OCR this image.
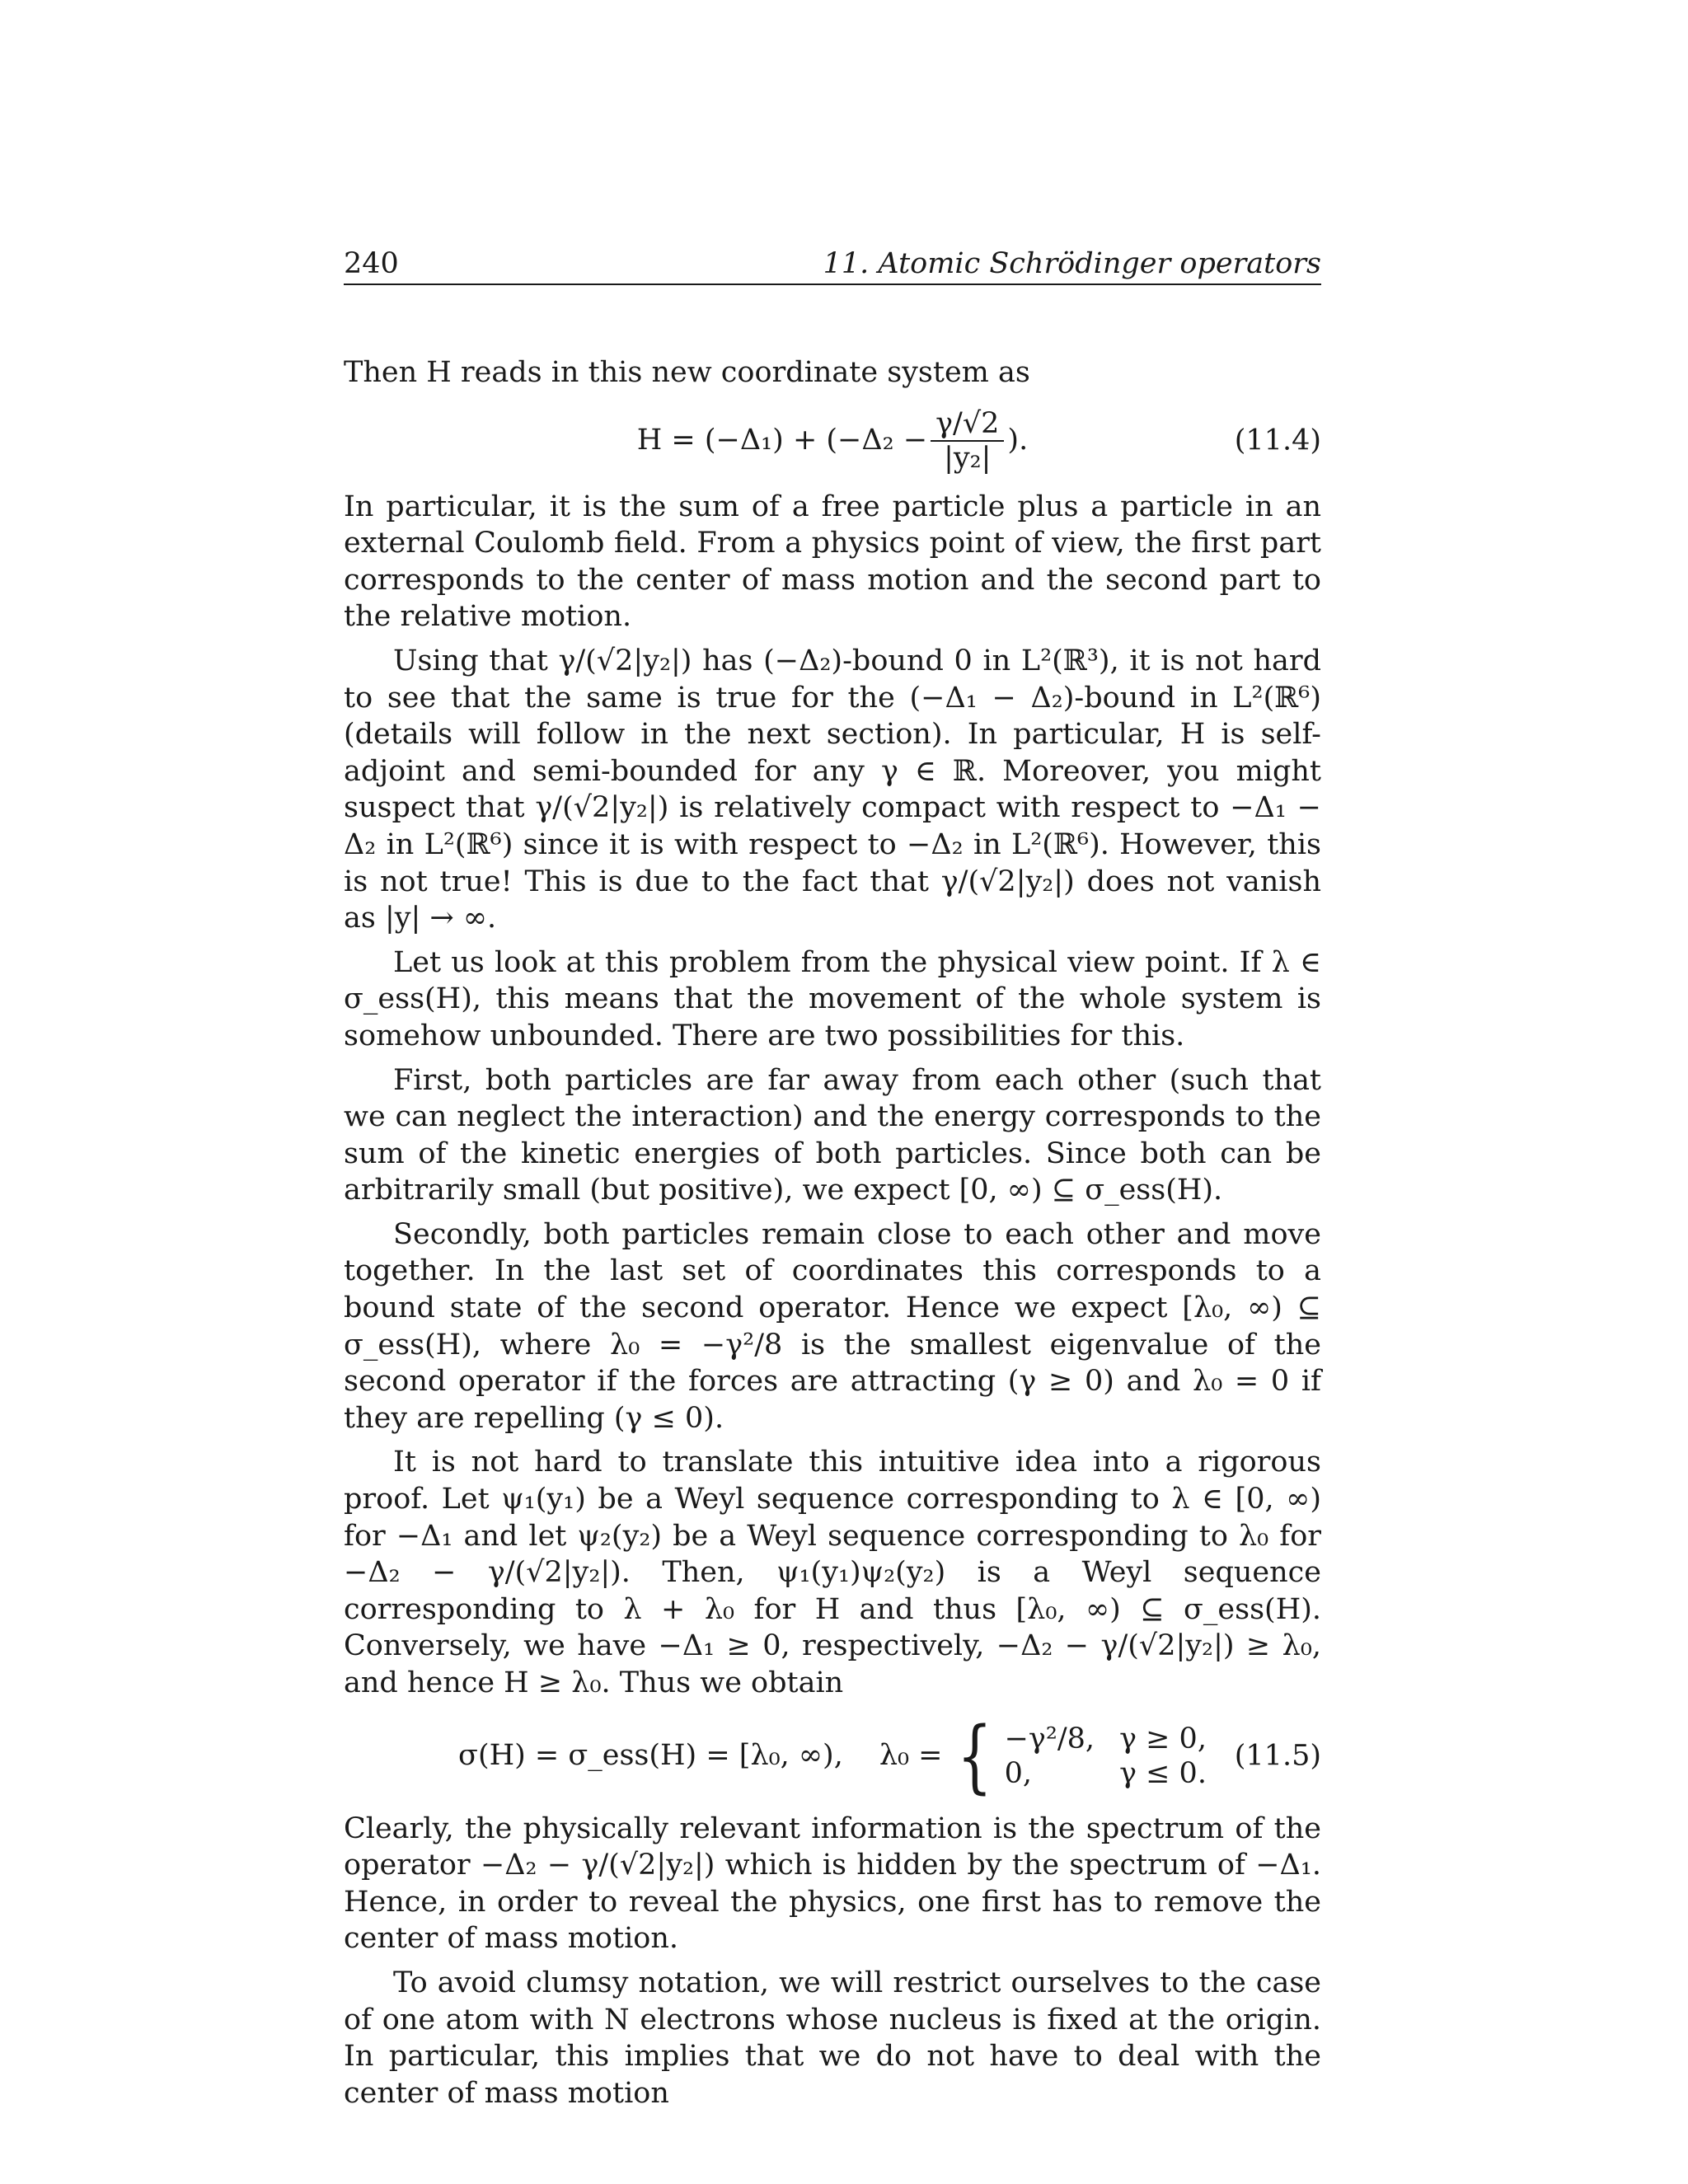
240	11. Atomic Schrödinger operators

Then H reads in this new coordinate system as

$H = (-\Delta_1) + (-\Delta_2 - \frac{\gamma/√2}{\text{|y₂|}}$ ).	(11.4)

In particular, it is the sum of a free particle plus a particle in an external Coulomb field. From a physics point of view, the first part corresponds to the center of mass motion and the second part to the relative motion.

Using that γ/(√2|y₂|) has (−Δ₂)-bound 0 in L²(ℝ³), it is not hard to see that the same is true for the (−Δ₁ − Δ₂)-bound in L²(ℝ⁶) (details will follow in the next section). In particular, H is self-adjoint and semi-bounded for any γ ∈ ℝ. Moreover, you might suspect that γ/(√2|y₂|) is relatively compact with respect to −Δ₁ − Δ₂ in L²(ℝ⁶) since it is with respect to −Δ₂ in L²(ℝ⁶). However, this is not true! This is due to the fact that γ/(√2|y₂|) does not vanish as |y| → ∞.

Let us look at this problem from the physical view point. If λ ∈ σ_ess(H), this means that the movement of the whole system is somehow unbounded. There are two possibilities for this.

First, both particles are far away from each other (such that we can neglect the interaction) and the energy corresponds to the sum of the kinetic energies of both particles. Since both can be arbitrarily small (but positive), we expect [0, ∞) ⊆ σ_ess(H).

Secondly, both particles remain close to each other and move together. In the last set of coordinates this corresponds to a bound state of the second operator. Hence we expect [λ₀, ∞) ⊆ σ_ess(H), where λ₀ = −γ²/8 is the smallest eigenvalue of the second operator if the forces are attracting (γ ≥ 0) and λ₀ = 0 if they are repelling (γ ≤ 0).

It is not hard to translate this intuitive idea into a rigorous proof. Let ψ₁(y₁) be a Weyl sequence corresponding to λ ∈ [0, ∞) for −Δ₁ and let ψ₂(y₂) be a Weyl sequence corresponding to λ₀ for −Δ₂ − γ/(√2|y₂|). Then, ψ₁(y₁)ψ₂(y₂) is a Weyl sequence corresponding to λ + λ₀ for H and thus [λ₀, ∞) ⊆ σ_ess(H). Conversely, we have −Δ₁ ≥ 0, respectively, −Δ₂ − γ/(√2|y₂|) ≥ λ₀, and hence H ≥ λ₀. Thus we obtain

σ(H) = σ_ess(H) = [λ₀, ∞), λ₀ = { −γ²/8, γ ≥ 0,
0,	γ ≤ 0.
(11.5)

Clearly, the physically relevant information is the spectrum of the operator −Δ₂ − γ/(√2|y₂|) which is hidden by the spectrum of −Δ₁. Hence, in order to reveal the physics, one first has to remove the center of mass motion.

To avoid clumsy notation, we will restrict ourselves to the case of one atom with N electrons whose nucleus is fixed at the origin. In particular, this implies that we do not have to deal with the center of mass motion
